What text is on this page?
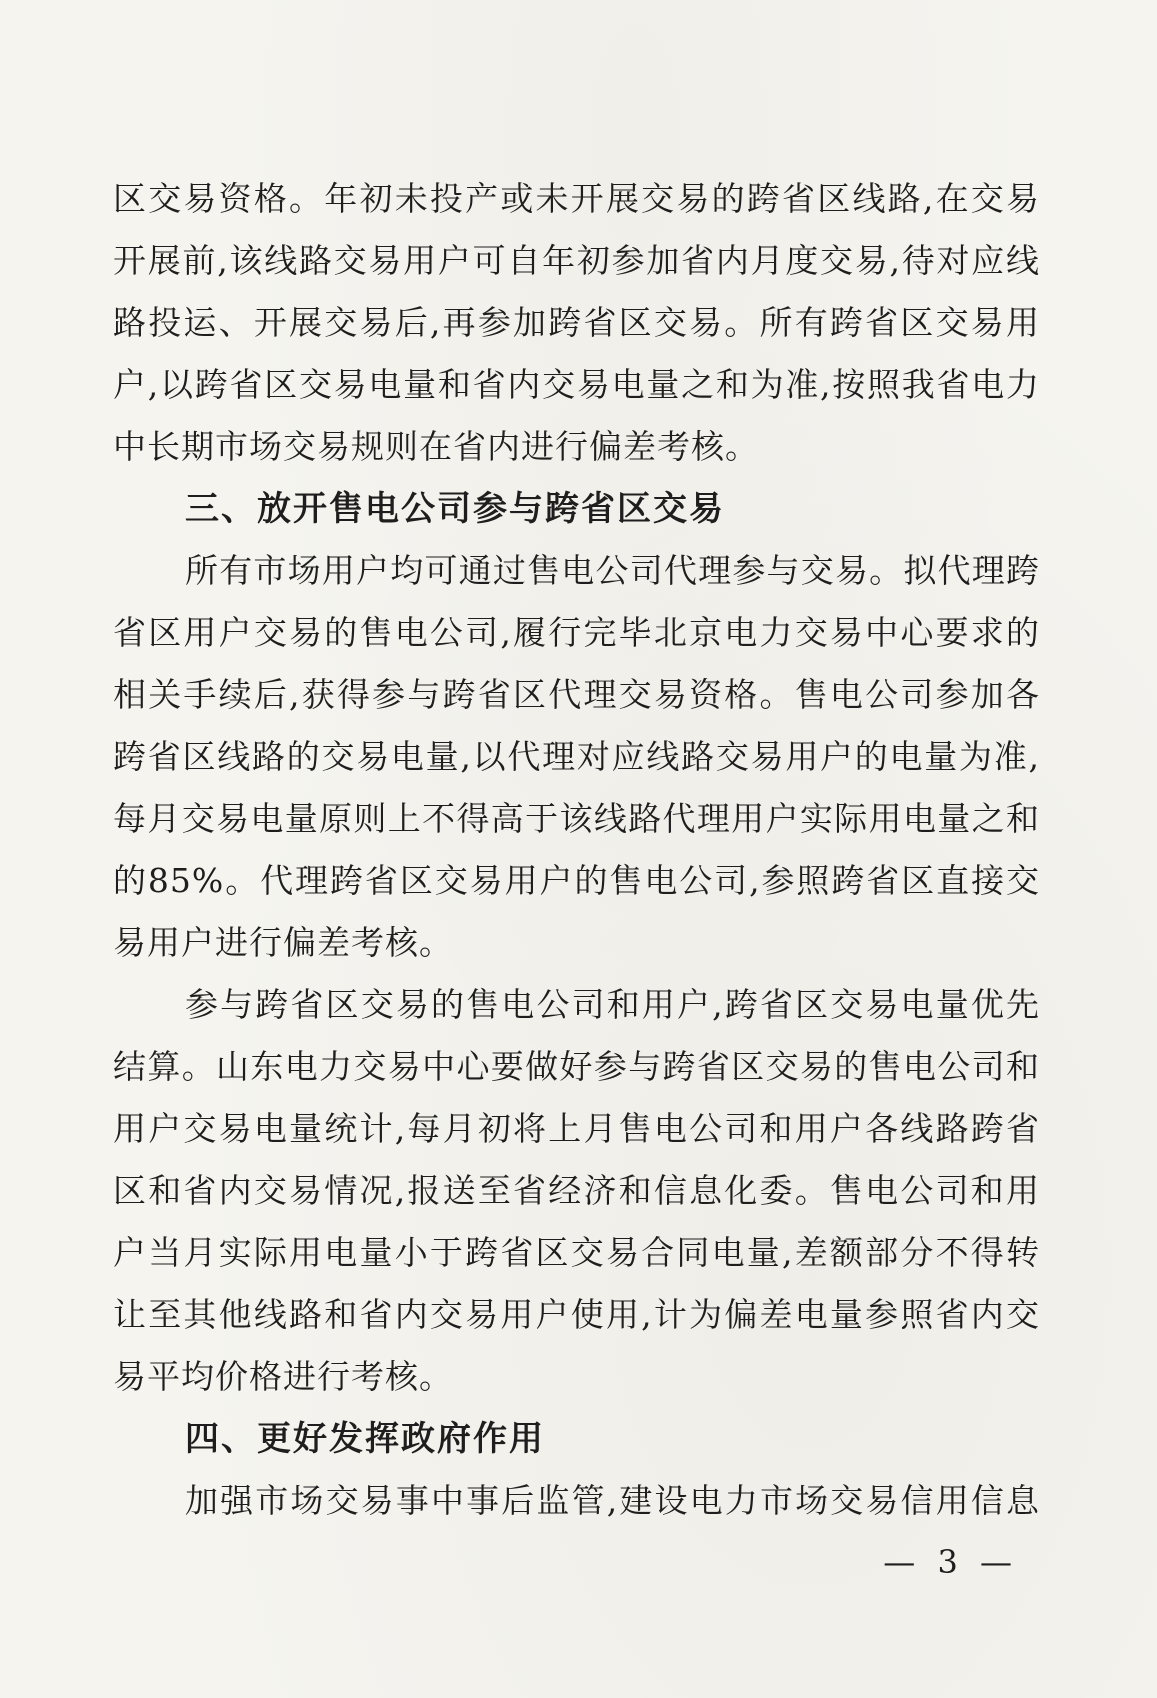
区交易资格。年初未投产或未开展交易的跨省区线路,在交易
开展前,该线路交易用户可自年初参加省内月度交易,待对应线
路投运、开展交易后,再参加跨省区交易。所有跨省区交易用
户,以跨省区交易电量和省内交易电量之和为准,按照我省电力
中长期市场交易规则在省内进行偏差考核。
三、放开售电公司参与跨省区交易
所有市场用户均可通过售电公司代理参与交易。拟代理跨
省区用户交易的售电公司,履行完毕北京电力交易中心要求的
相关手续后,获得参与跨省区代理交易资格。售电公司参加各
跨省区线路的交易电量,以代理对应线路交易用户的电量为准,
每月交易电量原则上不得高于该线路代理用户实际用电量之和
的85%。代理跨省区交易用户的售电公司,参照跨省区直接交
易用户进行偏差考核。
参与跨省区交易的售电公司和用户,跨省区交易电量优先
结算。山东电力交易中心要做好参与跨省区交易的售电公司和
用户交易电量统计,每月初将上月售电公司和用户各线路跨省
区和省内交易情况,报送至省经济和信息化委。售电公司和用
户当月实际用电量小于跨省区交易合同电量,差额部分不得转
让至其他线路和省内交易用户使用,计为偏差电量参照省内交
易平均价格进行考核。
四、更好发挥政府作用
加强市场交易事中事后监管,建设电力市场交易信用信息
— 3 —
